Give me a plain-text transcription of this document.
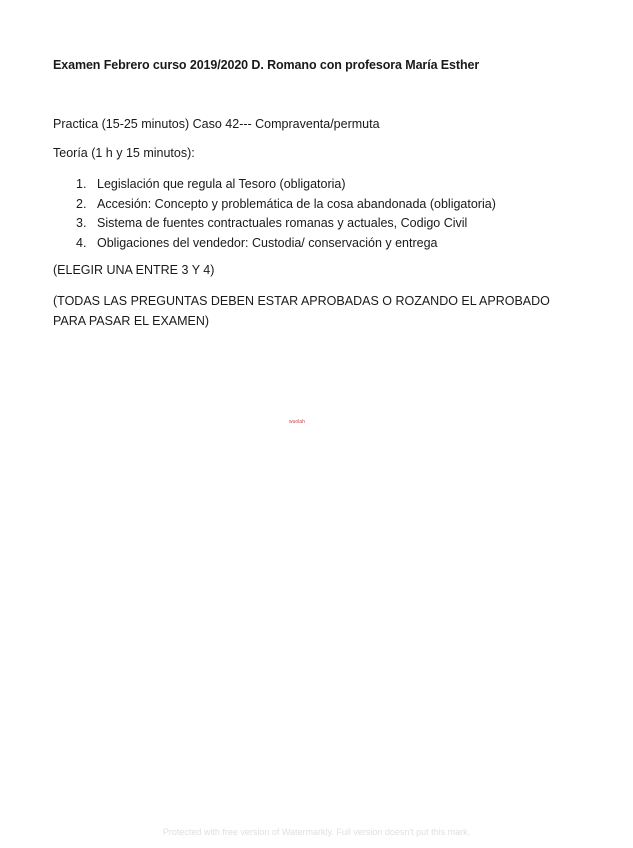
Examen Febrero curso 2019/2020 D. Romano con profesora María Esther
Practica (15-25 minutos) Caso 42--- Compraventa/permuta
Teoría (1 h y 15 minutos):
1. Legislación que regula al Tesoro (obligatoria)
2. Accesión: Concepto y problemática de la cosa abandonada (obligatoria)
3. Sistema de fuentes contractuales romanas y actuales, Codigo Civil
4. Obligaciones del vendedor: Custodia/ conservación y entrega
(ELEGIR UNA ENTRE 3 Y 4)
(TODAS LAS PREGUNTAS DEBEN ESTAR APROBADAS O ROZANDO EL APROBADO PARA PASAR EL EXAMEN)
wuolah
Protected with free version of Watermarkly. Full version doesn't put this mark.
